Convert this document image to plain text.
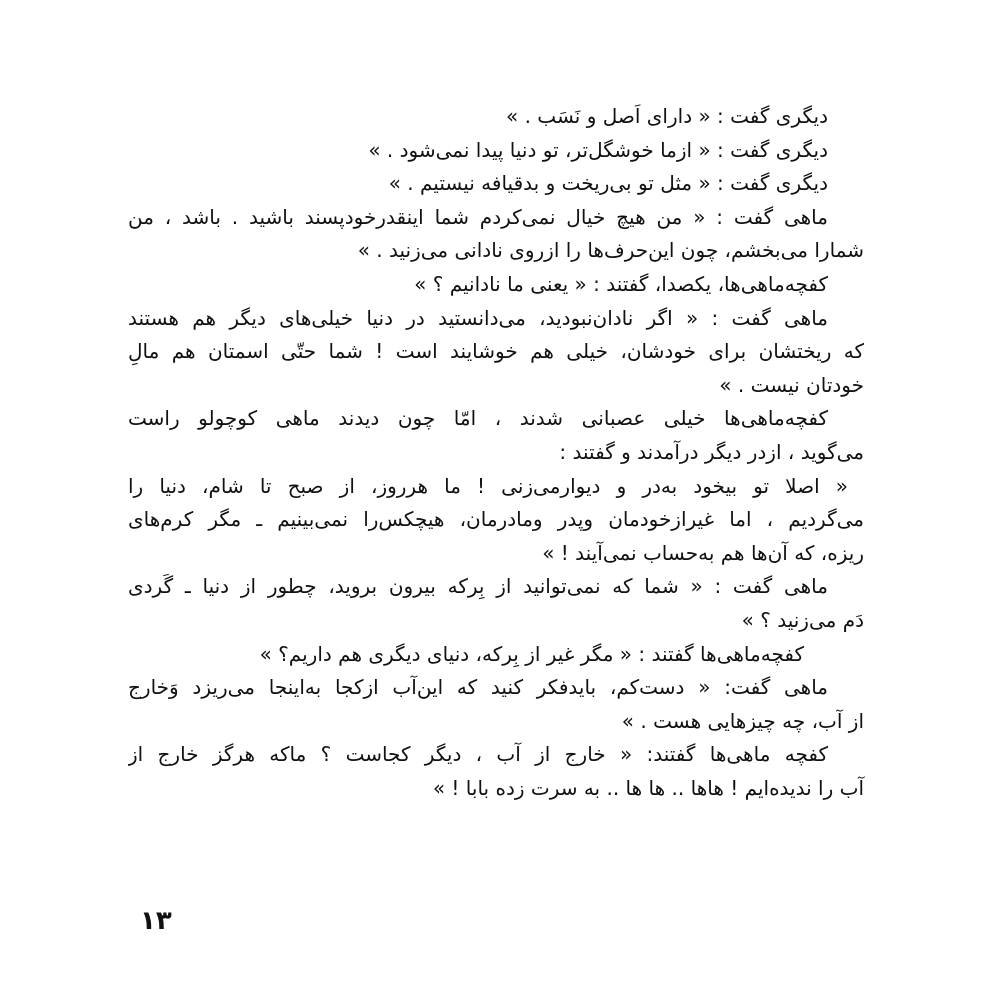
دیگری گفت : « دارای اَصل و نَسَب . »
دیگری گفت : « ازما خوشگل‌تر، تو دنیا پیدا نمی‌شود . »
دیگری گفت : « مثل تو بی‌ریخت و بدقیافه نیستیم . »
ماهی گفت : « من هیچ خیال نمی‌کردم شما اینقدرخودپسند باشید . باشد ، من
شمارا می‌بخشم، چون این‌حرف‌ها را ازروی نادانی می‌زنید . »
کفچه‌ماهی‌ها، یکصدا، گفتند : « یعنی ما نادانیم ؟ »
ماهی گفت : « اگر نادان‌نبودید، می‌دانستید در دنیا خیلی‌های دیگر هم هستند
که ریختشان برای خودشان، خیلی هم خوشایند است ! شما حتّی اسمتان هم مالِ
خودتان نیست . »
کفچه‌ماهی‌ها خیلی عصبانی شدند ، امّا چون دیدند ماهی کوچولو راست
می‌گوید ، ازدر دیگر درآمدند و گفتند :
« اصلا تو بیخود به‌در و دیوارمی‌زنی ! ما هرروز، از صبح تا شام، دنیا را
می‌گردیم ، اما غیرازخودمان وپدر ومادرمان، هیچکس‌را نمی‌بینیم ـ مگر کرم‌های
ریزه، که آن‌ها هم به‌حساب نمی‌آیند ! »
ماهی گفت : « شما که نمی‌توانید از بِرکه بیرون بروید، چطور از دنیا ـ گَردی
دَم می‌زنید ؟ »
کفچه‌ماهی‌ها گفتند : « مگر غیر از بِرکه، دنیای دیگری هم داریم؟ »
ماهی گفت: « دست‌کم، بایدفکر کنید که این‌آب ازکجا به‌اینجا می‌ریزد وَخارج
از آب، چه چیزهایی هست . »
کفچه ماهی‌ها گفتند: « خارج از آب ، دیگر کجاست ؟ ماکه هرگز خارج از
آب را ندیده‌ایم ! هاها .. ها ها .. به‌ سرت زده بابا ! »
۱۳
